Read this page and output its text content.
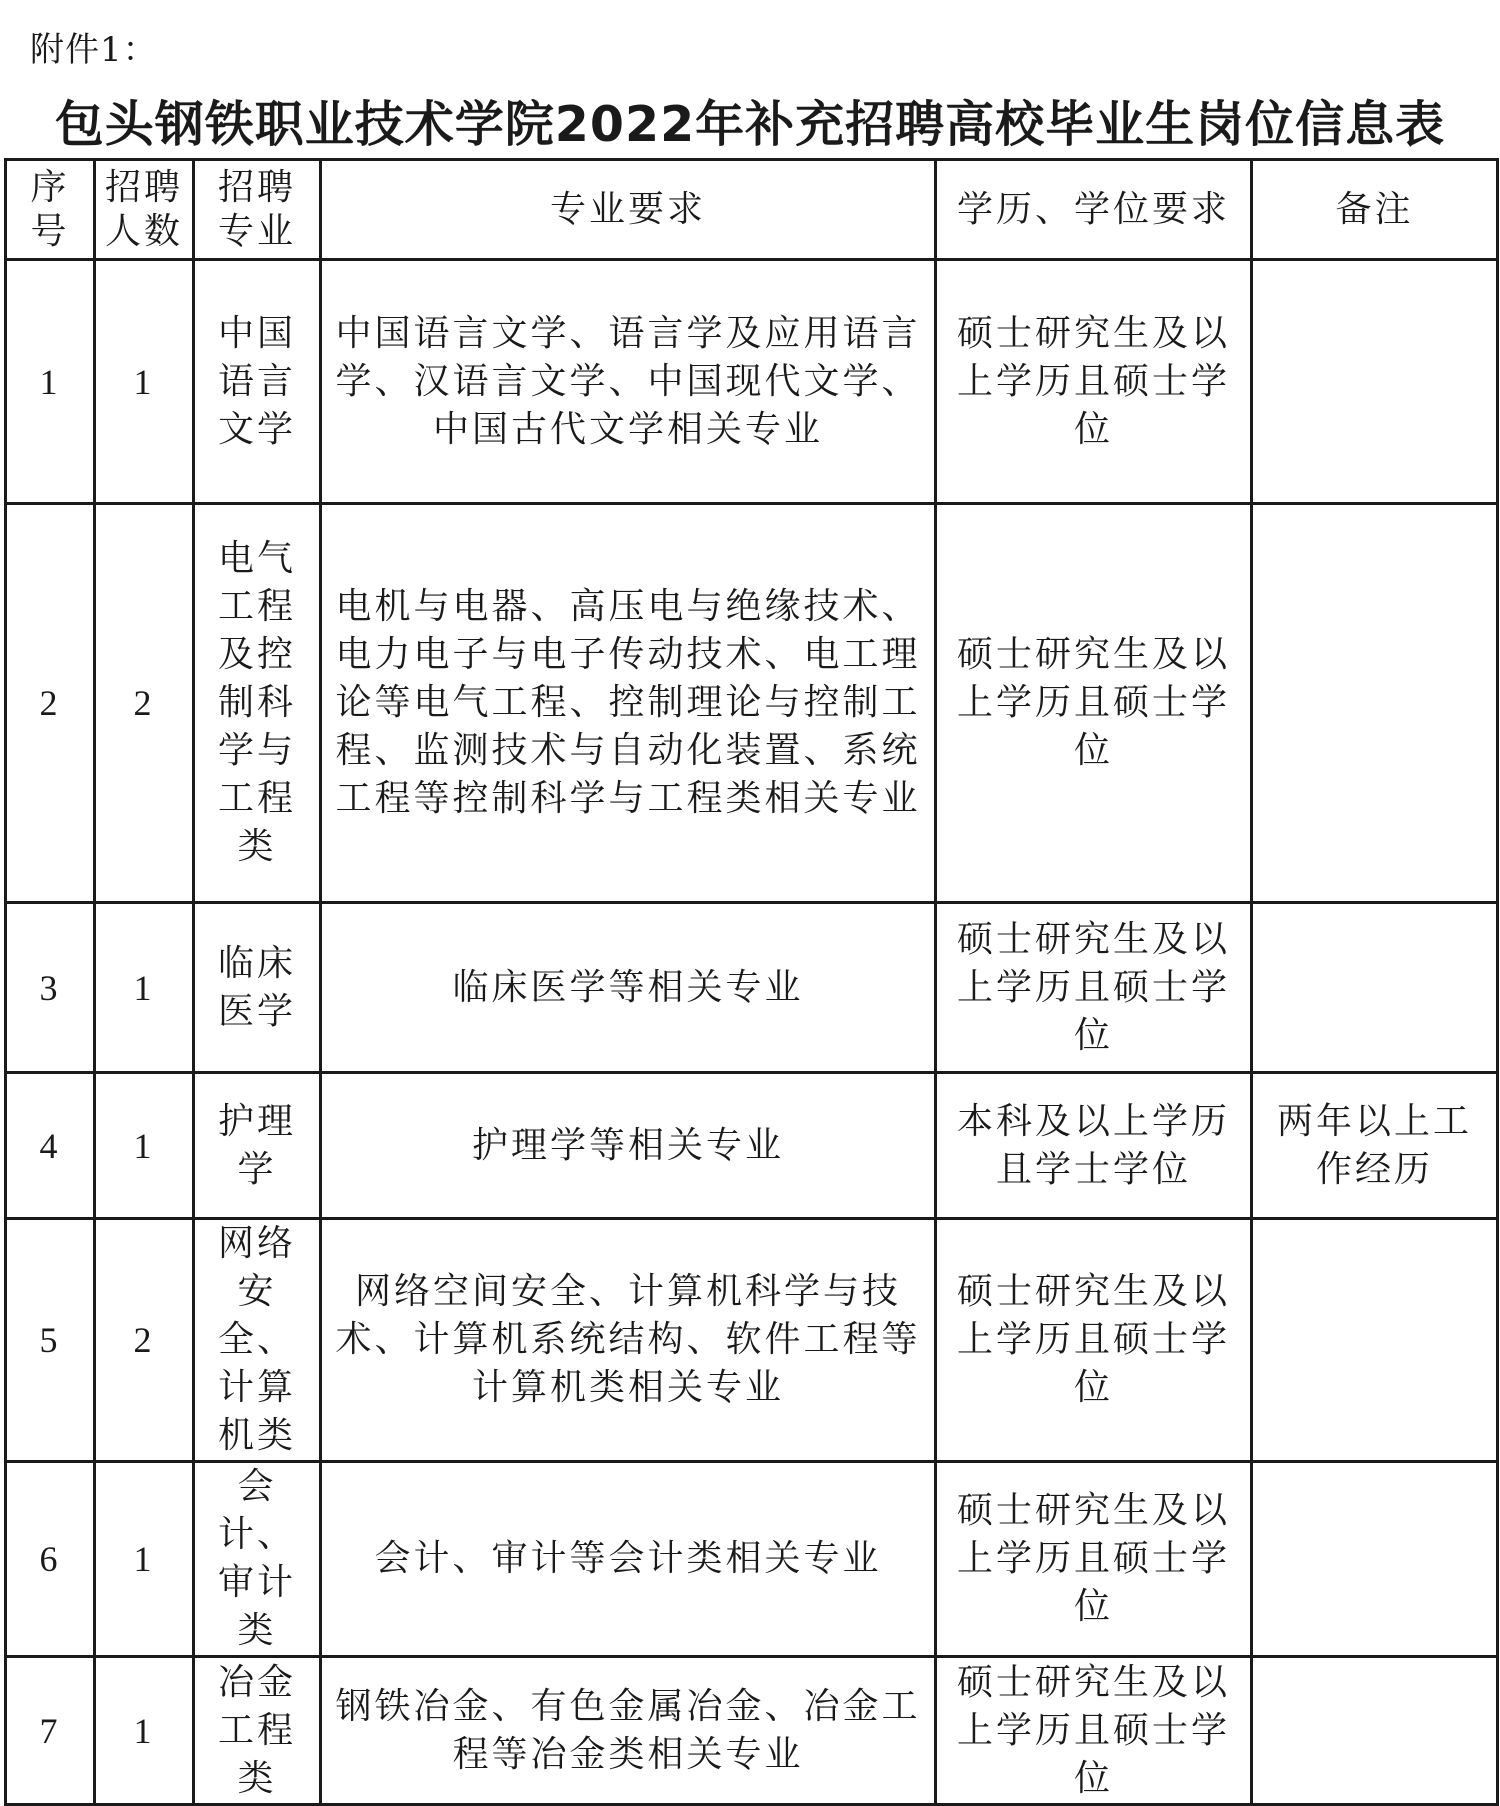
附件1：
包头钢铁职业技术学院2022年补充招聘高校毕业生岗位信息表
序号	招聘人数	招聘专业	专业要求	学历、学位要求	备注

1	1	中国语言文学	中国语言文学、语言学及应用语言学、汉语言文学、中国现代文学、中国古代文学相关专业	硕士研究生及以上学历且硕士学位	

2	2	电气工程及控制科学与工程类	电机与电器、高压电与绝缘技术、电力电子与电子传动技术、电工理论等电气工程、控制理论与控制工程、监测技术与自动化装置、系统工程等控制科学与工程类相关专业	硕士研究生及以上学历且硕士学位	

3	1	临床医学	临床医学等相关专业	硕士研究生及以上学历且硕士学位	

4	1	护理学	护理学等相关专业	本科及以上学历且学士学位	两年以上工作经历

5	2	网络安全、计算机类	网络空间安全、计算机科学与技术、计算机系统结构、软件工程等计算机类相关专业	硕士研究生及以上学历且硕士学位	

6	1	会计、审计类	会计、审计等会计类相关专业	硕士研究生及以上学历且硕士学位	

7	1	冶金工程类	钢铁冶金、有色金属冶金、冶金工程等冶金类相关专业	硕士研究生及以上学历且硕士学位	
